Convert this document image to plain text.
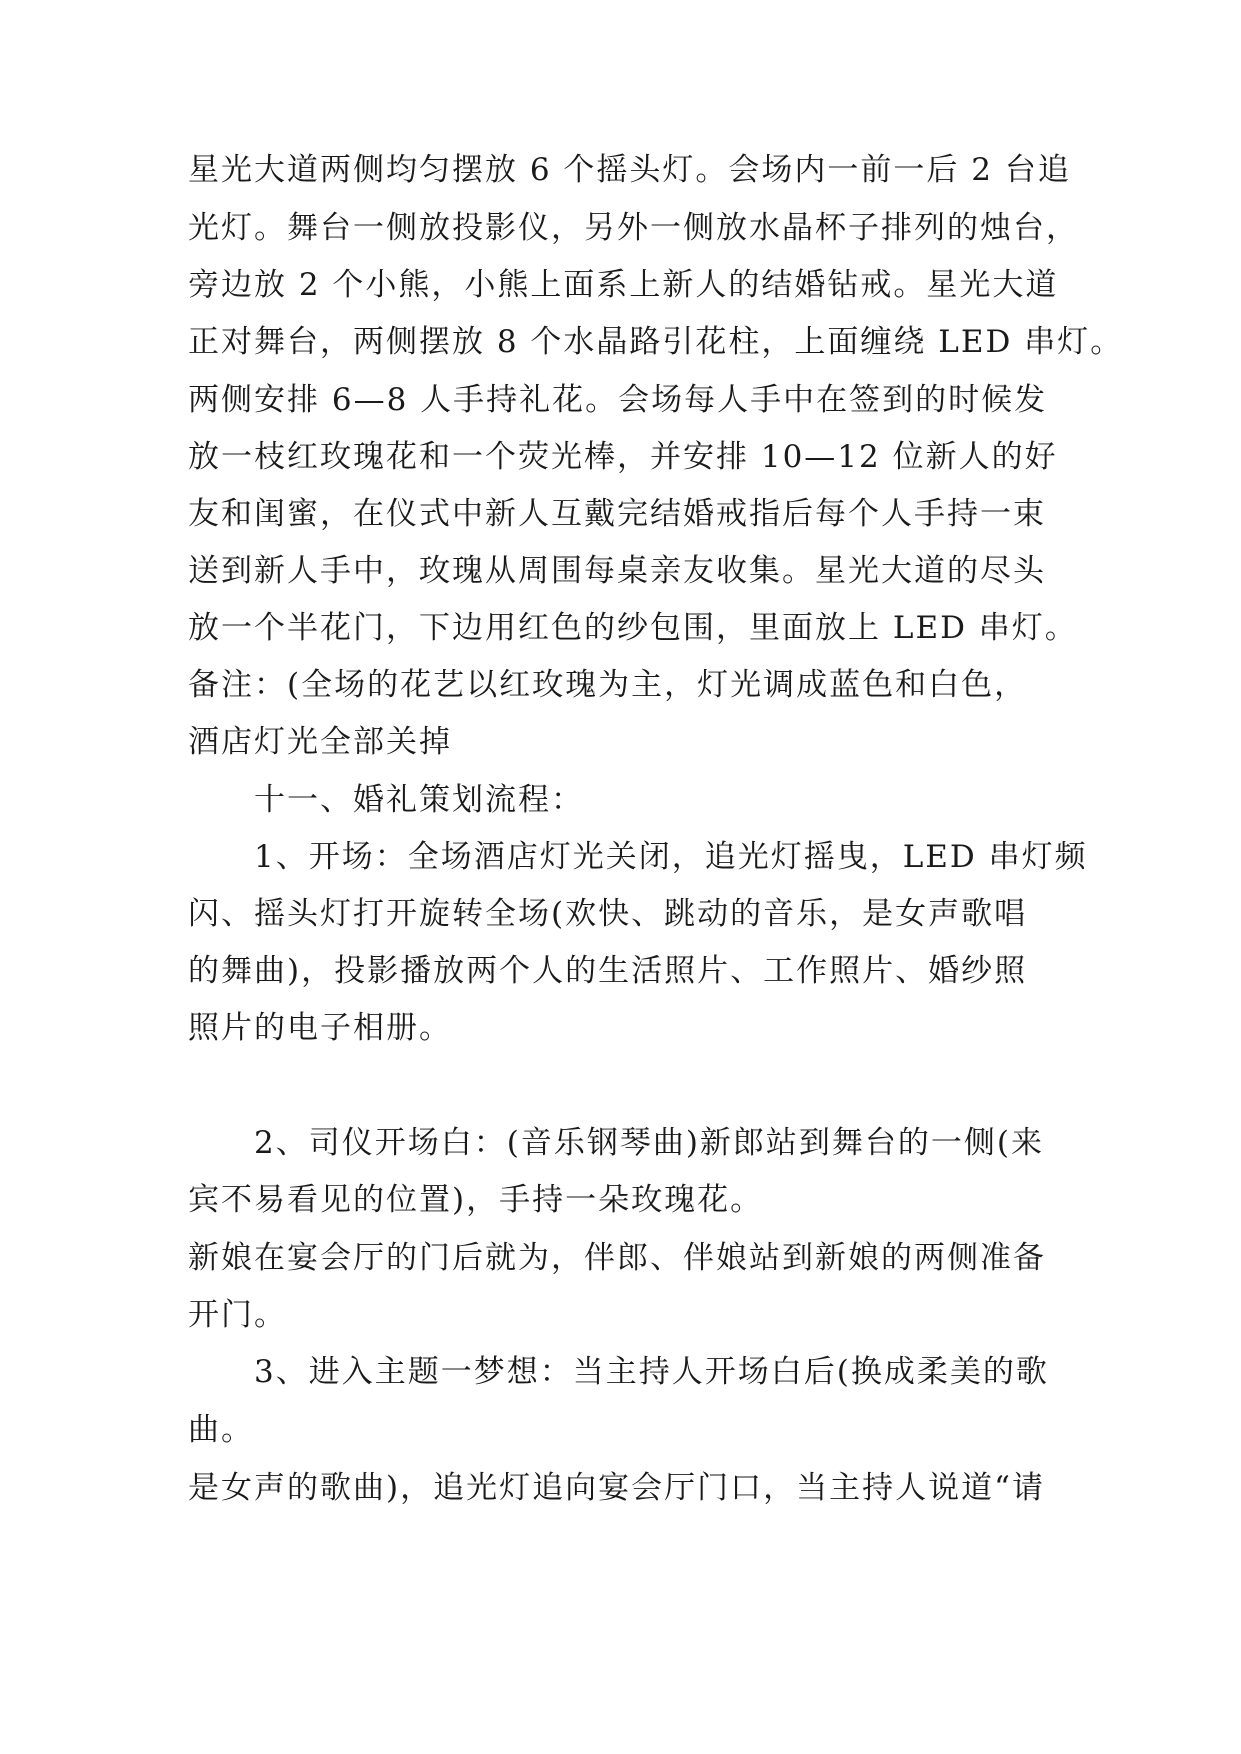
星光大道两侧均匀摆放 6 个摇头灯。会场内一前一后 2 台追
光灯。舞台一侧放投影仪，另外一侧放水晶杯子排列的烛台，
旁边放 2 个小熊，小熊上面系上新人的结婚钻戒。星光大道
正对舞台，两侧摆放 8 个水晶路引花柱，上面缠绕 LED 串灯。
两侧安排 6—8 人手持礼花。会场每人手中在签到的时候发
放一枝红玫瑰花和一个荧光棒，并安排 10—12 位新人的好
友和闺蜜，在仪式中新人互戴完结婚戒指后每个人手持一束
送到新人手中，玫瑰从周围每桌亲友收集。星光大道的尽头
放一个半花门，下边用红色的纱包围，里面放上 LED 串灯。
备注：(全场的花艺以红玫瑰为主，灯光调成蓝色和白色，
酒店灯光全部关掉
十一、婚礼策划流程：
1、开场：全场酒店灯光关闭，追光灯摇曳，LED 串灯频
闪、摇头灯打开旋转全场(欢快、跳动的音乐，是女声歌唱
的舞曲)，投影播放两个人的生活照片、工作照片、婚纱照
照片的电子相册。
2、司仪开场白：(音乐钢琴曲)新郎站到舞台的一侧(来
宾不易看见的位置)，手持一朵玫瑰花。
新娘在宴会厅的门后就为，伴郎、伴娘站到新娘的两侧准备
开门。
3、进入主题一梦想：当主持人开场白后(换成柔美的歌
曲。
是女声的歌曲)，追光灯追向宴会厅门口，当主持人说道“请
